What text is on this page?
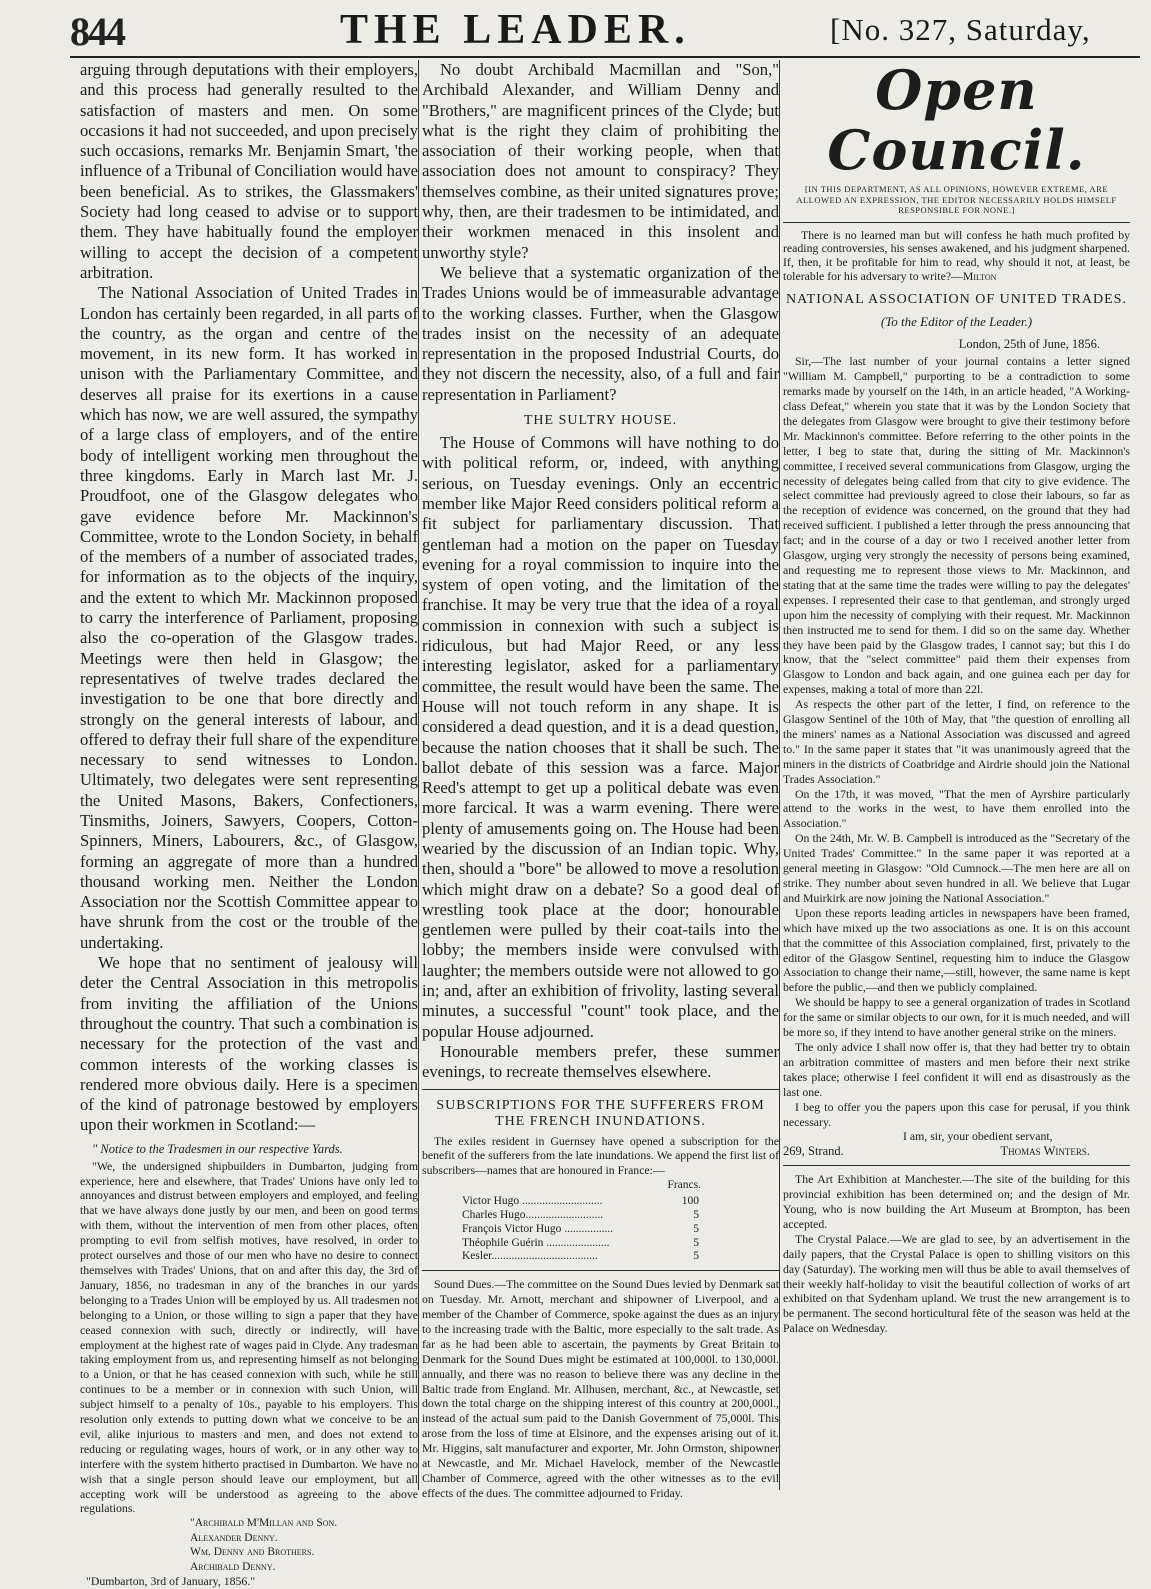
844	THE LEADER.	[No. 327, Saturday,

arguing through deputations with their employers, and this process had generally resulted to the satisfaction of masters and men. On some occasions it had not succeeded, and upon precisely such occasions, remarks Mr. Benjamin Smart, 'the influence of a Tribunal of Conciliation would have been beneficial. As to strikes, the Glassmakers' Society had long ceased to advise or to support them. They have habitually found the employer willing to accept the decision of a competent arbitration.

The National Association of United Trades in London has certainly been regarded, in all parts of the country, as the organ and centre of the movement, in its new form. It has worked in unison with the Parliamentary Committee, and deserves all praise for its exertions in a cause which has now, we are well assured, the sympathy of a large class of employers, and of the entire body of intelligent working men throughout the three kingdoms. Early in March last Mr. J. Proudfoot, one of the Glasgow delegates who gave evidence before Mr. Mackinnon's Committee, wrote to the London Society, in behalf of the members of a number of associated trades, for information as to the objects of the inquiry, and the extent to which Mr. Mackinnon proposed to carry the interference of Parliament, proposing also the co-operation of the Glasgow trades. Meetings were then held in Glasgow; the representatives of twelve trades declared the investigation to be one that bore directly and strongly on the general interests of labour, and offered to defray their full share of the expenditure necessary to send witnesses to London. Ultimately, two delegates were sent representing the United Masons, Bakers, Confectioners, Tinsmiths, Joiners, Sawyers, Coopers, Cotton-Spinners, Miners, Labourers, &c., of Glasgow, forming an aggregate of more than a hundred thousand working men. Neither the London Association nor the Scottish Committee appear to have shrunk from the cost or the trouble of the undertaking.

We hope that no sentiment of jealousy will deter the Central Association in this metropolis from inviting the affiliation of the Unions throughout the country. That such a combination is necessary for the protection of the vast and common interests of the working classes is rendered more obvious daily. Here is a specimen of the kind of patronage bestowed by employers upon their workmen in Scotland:—

" Notice to the Tradesmen in our respective Yards.

"We, the undersigned shipbuilders in Dumbarton, judging from experience, here and elsewhere, that Trades' Unions have only led to annoyances and distrust between employers and employed, and feeling that we have always done justly by our men, and been on good terms with them, without the intervention of men from other places, often prompting to evil from selfish motives, have resolved, in order to protect ourselves and those of our men who have no desire to connect themselves with Trades' Unions, that on and after this day, the 3rd of January, 1856, no tradesman in any of the branches in our yards belonging to a Trades Union will be employed by us. All tradesmen not belonging to a Union, or those willing to sign a paper that they have ceased connexion with such, directly or indirectly, will have employment at the highest rate of wages paid in Clyde. Any tradesman taking employment from us, and representing himself as not belonging to a Union, or that he has ceased connexion with such, while he still continues to be a member or in connexion with such Union, will subject himself to a penalty of 10s., payable to his employers. This resolution only extends to putting down what we conceive to be an evil, alike injurious to masters and men, and does not extend to reducing or regulating wages, hours of work, or in any other way to interfere with the system hitherto practised in Dumbarton. We have no wish that a single person should leave our employment, but all accepting work will be understood as agreeing to the above regulations.

"Archibald M'Millan and Son.
Alexander Denny.
Wm. Denny and Brothers.
Archibald Denny.
"Dumbarton, 3rd of January, 1856."

No doubt Archibald Macmillan and "Son," Archibald Alexander, and William Denny and "Brothers," are magnificent princes of the Clyde; but what is the right they claim of prohibiting the association of their working people, when that association does not amount to conspiracy? They themselves combine, as their united signatures prove; why, then, are their tradesmen to be intimidated, and their workmen menaced in this insolent and unworthy style?

We believe that a systematic organization of the Trades Unions would be of immeasurable advantage to the working classes. Further, when the Glasgow trades insist on the necessity of an adequate representation in the proposed Industrial Courts, do they not discern the necessity, also, of a full and fair representation in Parliament?

THE SULTRY HOUSE.

The House of Commons will have nothing to do with political reform, or, indeed, with anything serious, on Tuesday evenings. Only an eccentric member like Major Reed considers political reform a fit subject for parliamentary discussion. That gentleman had a motion on the paper on Tuesday evening for a royal commission to inquire into the system of open voting, and the limitation of the franchise. It may be very true that the idea of a royal commission in connexion with such a subject is ridiculous, but had Major Reed, or any less interesting legislator, asked for a parliamentary committee, the result would have been the same. The House will not touch reform in any shape. It is considered a dead question, and it is a dead question, because the nation chooses that it shall be such. The ballot debate of this session was a farce. Major Reed's attempt to get up a political debate was even more farcical. It was a warm evening. There were plenty of amusements going on. The House had been wearied by the discussion of an Indian topic. Why, then, should a "bore" be allowed to move a resolution which might draw on a debate? So a good deal of wrestling took place at the door; honourable gentlemen were pulled by their coat-tails into the lobby; the members inside were convulsed with laughter; the members outside were not allowed to go in; and, after an exhibition of frivolity, lasting several minutes, a successful "count" took place, and the popular House adjourned.

Honourable members prefer, these summer evenings, to recreate themselves elsewhere.

SUBSCRIPTIONS FOR THE SUFFERERS FROM THE FRENCH INUNDATIONS.

The exiles resident in Guernsey have opened a subscription for the benefit of the sufferers from the late inundations. We append the first list of subscribers—names that are honoured in France:—

Francs.
Victor Hugo ............................	100
Charles Hugo...........................	5
François Victor Hugo .................	5
Théophile Guérin ......................	5
Kesler.....................................	5

Sound Dues.—The committee on the Sound Dues levied by Denmark sat on Tuesday. Mr. Arnott, merchant and shipowner of Liverpool, and a member of the Chamber of Commerce, spoke against the dues as an injury to the increasing trade with the Baltic, more especially to the salt trade. As far as he had been able to ascertain, the payments by Great Britain to Denmark for the Sound Dues might be estimated at 100,000l. to 130,000l. annually, and there was no reason to believe there was any decline in the Baltic trade from England. Mr. Allhusen, merchant, &c., at Newcastle, set down the total charge on the shipping interest of this country at 200,000l., instead of the actual sum paid to the Danish Government of 75,000l. This arose from the loss of time at Elsinore, and the expenses arising out of it. Mr. Higgins, salt manufacturer and exporter, Mr. John Ormston, shipowner at Newcastle, and Mr. Michael Havelock, member of the Newcastle Chamber of Commerce, agreed with the other witnesses as to the evil effects of the dues. The committee adjourned to Friday.

Open Council.
[IN THIS DEPARTMENT, AS ALL OPINIONS, HOWEVER EXTREME, ARE ALLOWED AN EXPRESSION, THE EDITOR NECESSARILY HOLDS HIMSELF RESPONSIBLE FOR NONE.]

There is no learned man but will confess he hath much profited by reading controversies, his senses awakened, and his judgment sharpened. If, then, it be profitable for him to read, why should it not, at least, be tolerable for his adversary to write?—Milton

NATIONAL ASSOCIATION OF UNITED TRADES.
(To the Editor of the Leader.)
London, 25th of June, 1856.

Sir,—The last number of your journal contains a letter signed "William M. Campbell," purporting to be a contradiction to some remarks made by yourself on the 14th, in an article headed, "A Working-class Defeat," wherein you state that it was by the London Society that the delegates from Glasgow were brought to give their testimony before Mr. Mackinnon's committee. Before referring to the other points in the letter, I beg to state that, during the sitting of Mr. Mackinnon's committee, I received several communications from Glasgow, urging the necessity of delegates being called from that city to give evidence. The select committee had previously agreed to close their labours, so far as the reception of evidence was concerned, on the ground that they had received sufficient. I published a letter through the press announcing that fact; and in the course of a day or two I received another letter from Glasgow, urging very strongly the necessity of persons being examined, and requesting me to represent those views to Mr. Mackinnon, and stating that at the same time the trades were willing to pay the delegates' expenses. I represented their case to that gentleman, and strongly urged upon him the necessity of complying with their request. Mr. Mackinnon then instructed me to send for them. I did so on the same day. Whether they have been paid by the Glasgow trades, I cannot say; but this I do know, that the "select committee" paid them their expenses from Glasgow to London and back again, and one guinea each per day for expenses, making a total of more than 22l.

As respects the other part of the letter, I find, on reference to the Glasgow Sentinel of the 10th of May, that "the question of enrolling all the miners' names as a National Association was discussed and agreed to." In the same paper it states that "it was unanimously agreed that the miners in the districts of Coatbridge and Airdrie should join the National Trades Association."

On the 17th, it was moved, "That the men of Ayrshire particularly attend to the works in the west, to have them enrolled into the Association."

On the 24th, Mr. W. B. Campbell is introduced as the "Secretary of the United Trades' Committee." In the same paper it was reported at a general meeting in Glasgow: "Old Cumnock.—The men here are all on strike. They number about seven hundred in all. We believe that Lugar and Muirkirk are now joining the National Association."

Upon these reports leading articles in newspapers have been framed, which have mixed up the two associations as one. It is on this account that the committee of this Association complained, first, privately to the editor of the Glasgow Sentinel, requesting him to induce the Glasgow Association to change their name,—still, however, the same name is kept before the public,—and then we publicly complained.

We should be happy to see a general organization of trades in Scotland for the same or similar objects to our own, for it is much needed, and will be more so, if they intend to have another general strike on the miners.

The only advice I shall now offer is, that they had better try to obtain an arbitration committee of masters and men before their next strike takes place; otherwise I feel confident it will end as disastrously as the last one.

I beg to offer you the papers upon this case for perusal, if you think necessary.

I am, sir, your obedient servant,

269, Strand.	Thomas Winters.

The Art Exhibition at Manchester.—The site of the building for this provincial exhibition has been determined on; and the design of Mr. Young, who is now building the Art Museum at Brompton, has been accepted.

The Crystal Palace.—We are glad to see, by an advertisement in the daily papers, that the Crystal Palace is open to shilling visitors on this day (Saturday). The working men will thus be able to avail themselves of their weekly half-holiday to visit the beautiful collection of works of art exhibited on that Sydenham upland. We trust the new arrangement is to be permanent. The second horticultural fête of the season was held at the Palace on Wednesday.
